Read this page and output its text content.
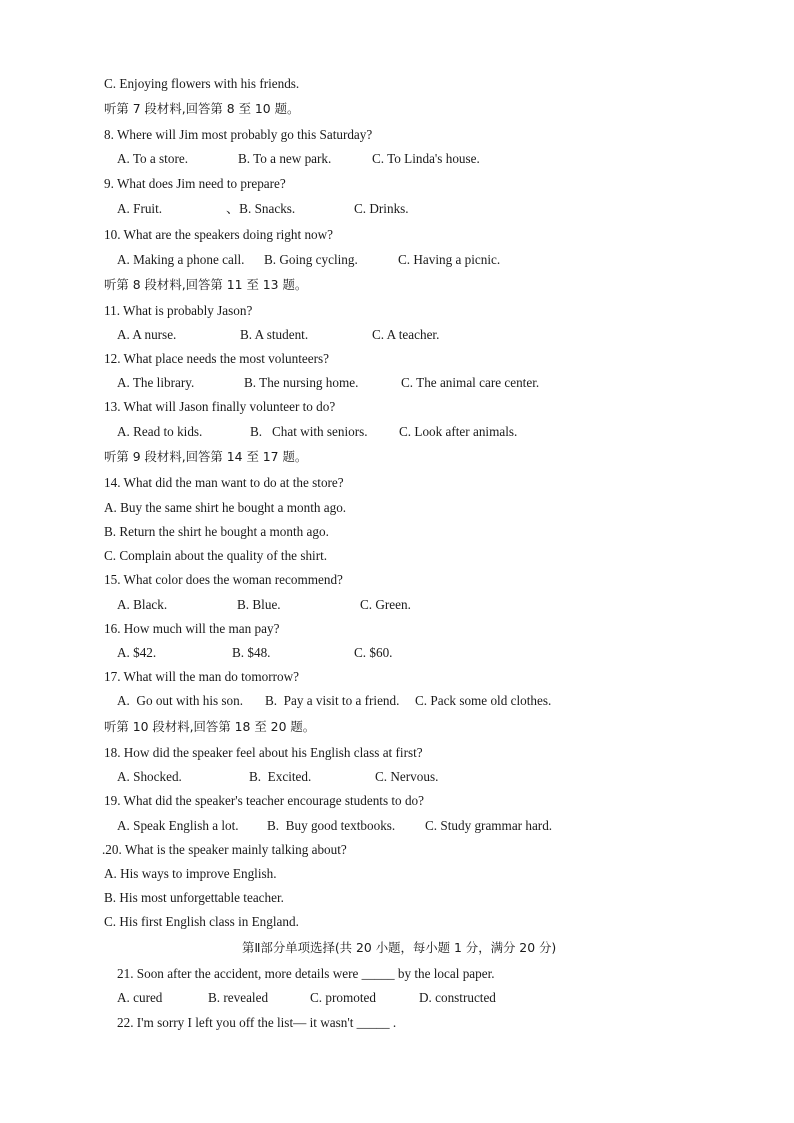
C. Enjoying flowers with his friends.
听第 7 段材料,回答第 8 至 10 题。
8. Where will Jim most probably go this Saturday?
A. To a store.	B. To a new park.	C. To Linda's house.
9. What does Jim need to prepare?
A. Fruit.	、B. Snacks.	C. Drinks.
10. What are the speakers doing right now?
A. Making a phone call. B. Going cycling.	C. Having a picnic.
听第 8 段材料,回答第 11 至 13 题。
11. What is probably Jason?
A. A nurse.	B. A student.	C. A teacher.
12. What place needs the most volunteers?
A. The library.	B. The nursing home.	C. The animal care center.
13. What will Jason finally volunteer to do?
A. Read to kids.	B.   Chat with seniors. C. Look after animals.
听第 9 段材料,回答第 14 至 17 题。
14. What did the man want to do at the store?
A. Buy the same shirt he bought a month ago.
B. Return the shirt he bought a month ago.
C. Complain about the quality of the shirt.
15. What color does the woman recommend?
A. Black.	B. Blue.	C. Green.
16. How much will the man pay?
A. $42.	B. $48.	C. $60.
17. What will the man do tomorrow?
A.  Go out with his son. B.  Pay a visit to a friend. C. Pack some old clothes.
听第 10 段材料,回答第 18 至 20 题。
18. How did the speaker feel about his English class at first?
A. Shocked.	B.  Excited.	C. Nervous.
19. What did the speaker's teacher encourage students to do?
A. Speak English a lot. B.  Buy good textbooks. C. Study grammar hard.
.20. What is the speaker mainly talking about?
A. His ways to improve English.
B. His most unforgettable teacher.
C. His first English class in England.
第Ⅱ部分单项选择(共 20 小题，每小题 1 分，满分 20 分)
21. Soon after the accident, more details were _____ by the local paper.
A. cured	B. revealed	C. promoted	D. constructed
22. I'm sorry I left you off the list— it wasn't _____ .
